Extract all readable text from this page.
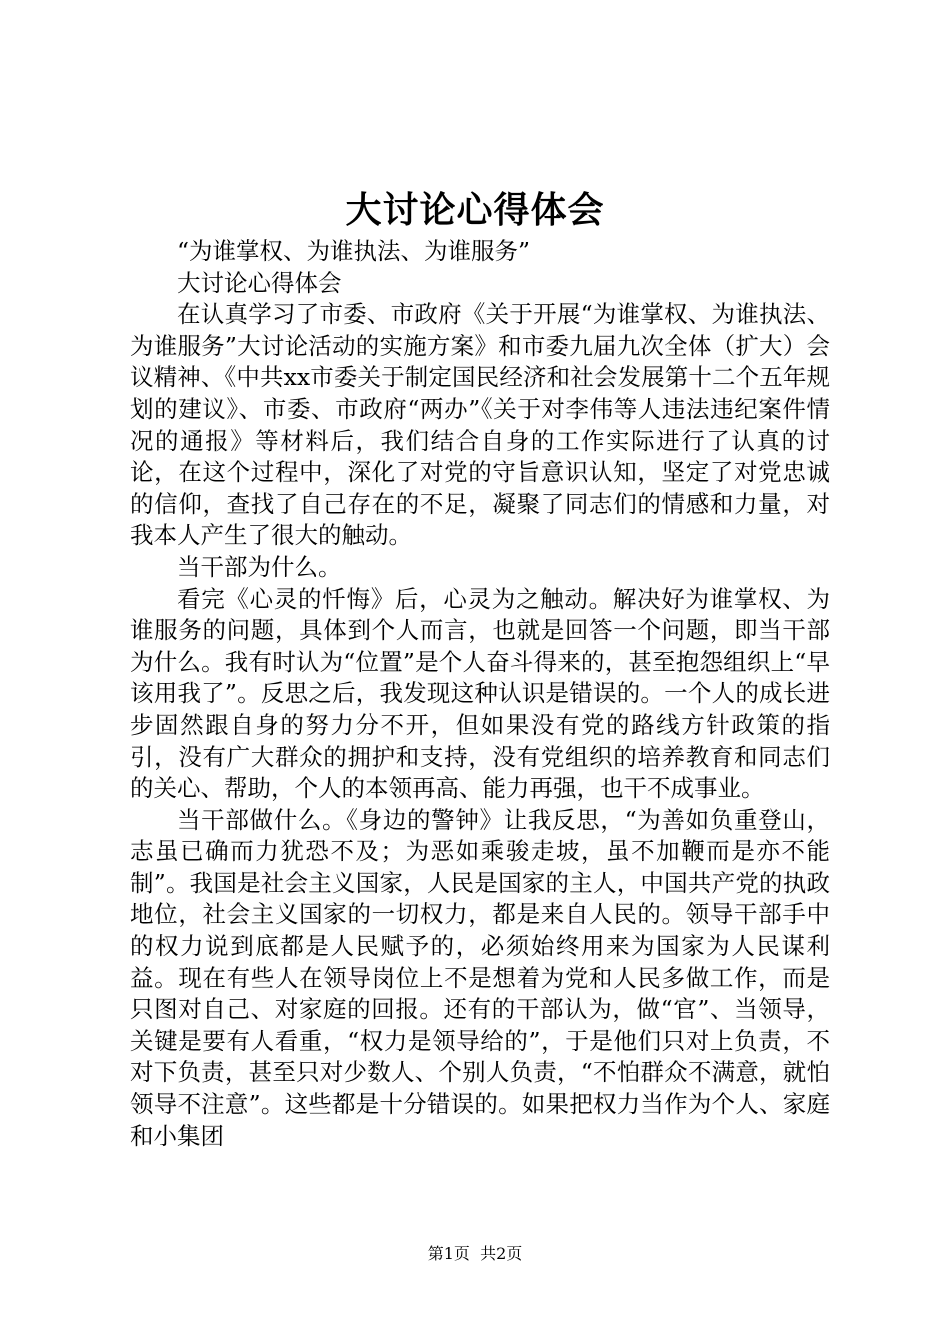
大讨论心得体会

“为谁掌权、为谁执法、为谁服务”

大讨论心得体会

在认真学习了市委、市政府《关于开展“为谁掌权、为谁执法、为谁服务”大讨论活动的实施方案》和市委九届九次全体（扩大）会议精神、《中共xx市委关于制定国民经济和社会发展第十二个五年规划的建议》、市委、市政府“两办”《关于对李伟等人违法违纪案件情况的通报》等材料后，我们结合自身的工作实际进行了认真的讨论，在这个过程中，深化了对党的守旨意识认知，坚定了对党忠诚的信仰，查找了自己存在的不足，凝聚了同志们的情感和力量，对我本人产生了很大的触动。

当干部为什么。

看完《心灵的忏悔》后，心灵为之触动。解决好为谁掌权、为谁服务的问题，具体到个人而言，也就是回答一个问题，即当干部为什么。我有时认为“位置”是个人奋斗得来的，甚至抱怨组织上“早该用我了”。反思之后，我发现这种认识是错误的。一个人的成长进步固然跟自身的努力分不开，但如果没有党的路线方针政策的指引，没有广大群众的拥护和支持，没有党组织的培养教育和同志们的关心、帮助，个人的本领再高、能力再强，也干不成事业。

当干部做什么。《身边的警钟》让我反思，“为善如负重登山，志虽已确而力犹恐不及；为恶如乘骏走坡，虽不加鞭而是亦不能制”。我国是社会主义国家，人民是国家的主人，中国共产党的执政地位，社会主义国家的一切权力，都是来自人民的。领导干部手中的权力说到底都是人民赋予的，必须始终用来为国家为人民谋利益。现在有些人在领导岗位上不是想着为党和人民多做工作，而是只图对自己、对家庭的回报。还有的干部认为，做“官”、当领导，关键是要有人看重，“权力是领导给的”，于是他们只对上负责，不对下负责，甚至只对少数人、个别人负责，“不怕群众不满意，就怕领导不注意”。这些都是十分错误的。如果把权力当作为个人、家庭和小集团

第1页 共2页
